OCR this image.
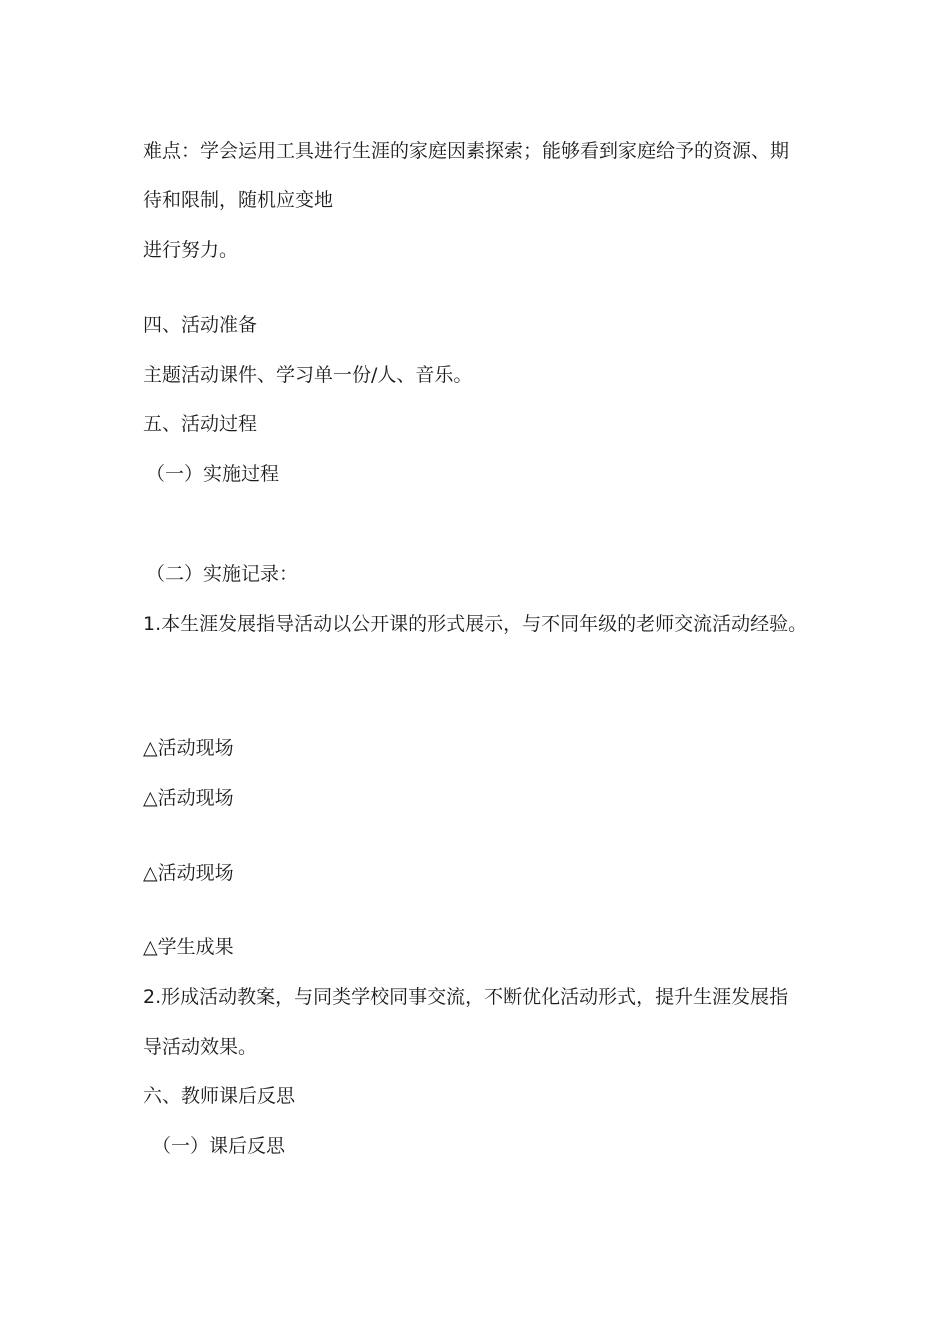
难点：学会运用工具进行生涯的家庭因素探索；能够看到家庭给予的资源、期
待和限制，随机应变地
进行努力。
四、活动准备
主题活动课件、学习单一份/人、音乐。
五、活动过程
（一）实施过程
（二）实施记录：
1.本生涯发展指导活动以公开课的形式展示，与不同年级的老师交流活动经验。
△活动现场
△活动现场
△活动现场
△学生成果
2.形成活动教案，与同类学校同事交流，不断优化活动形式，提升生涯发展指
导活动效果。
六、教师课后反思
（一）课后反思
